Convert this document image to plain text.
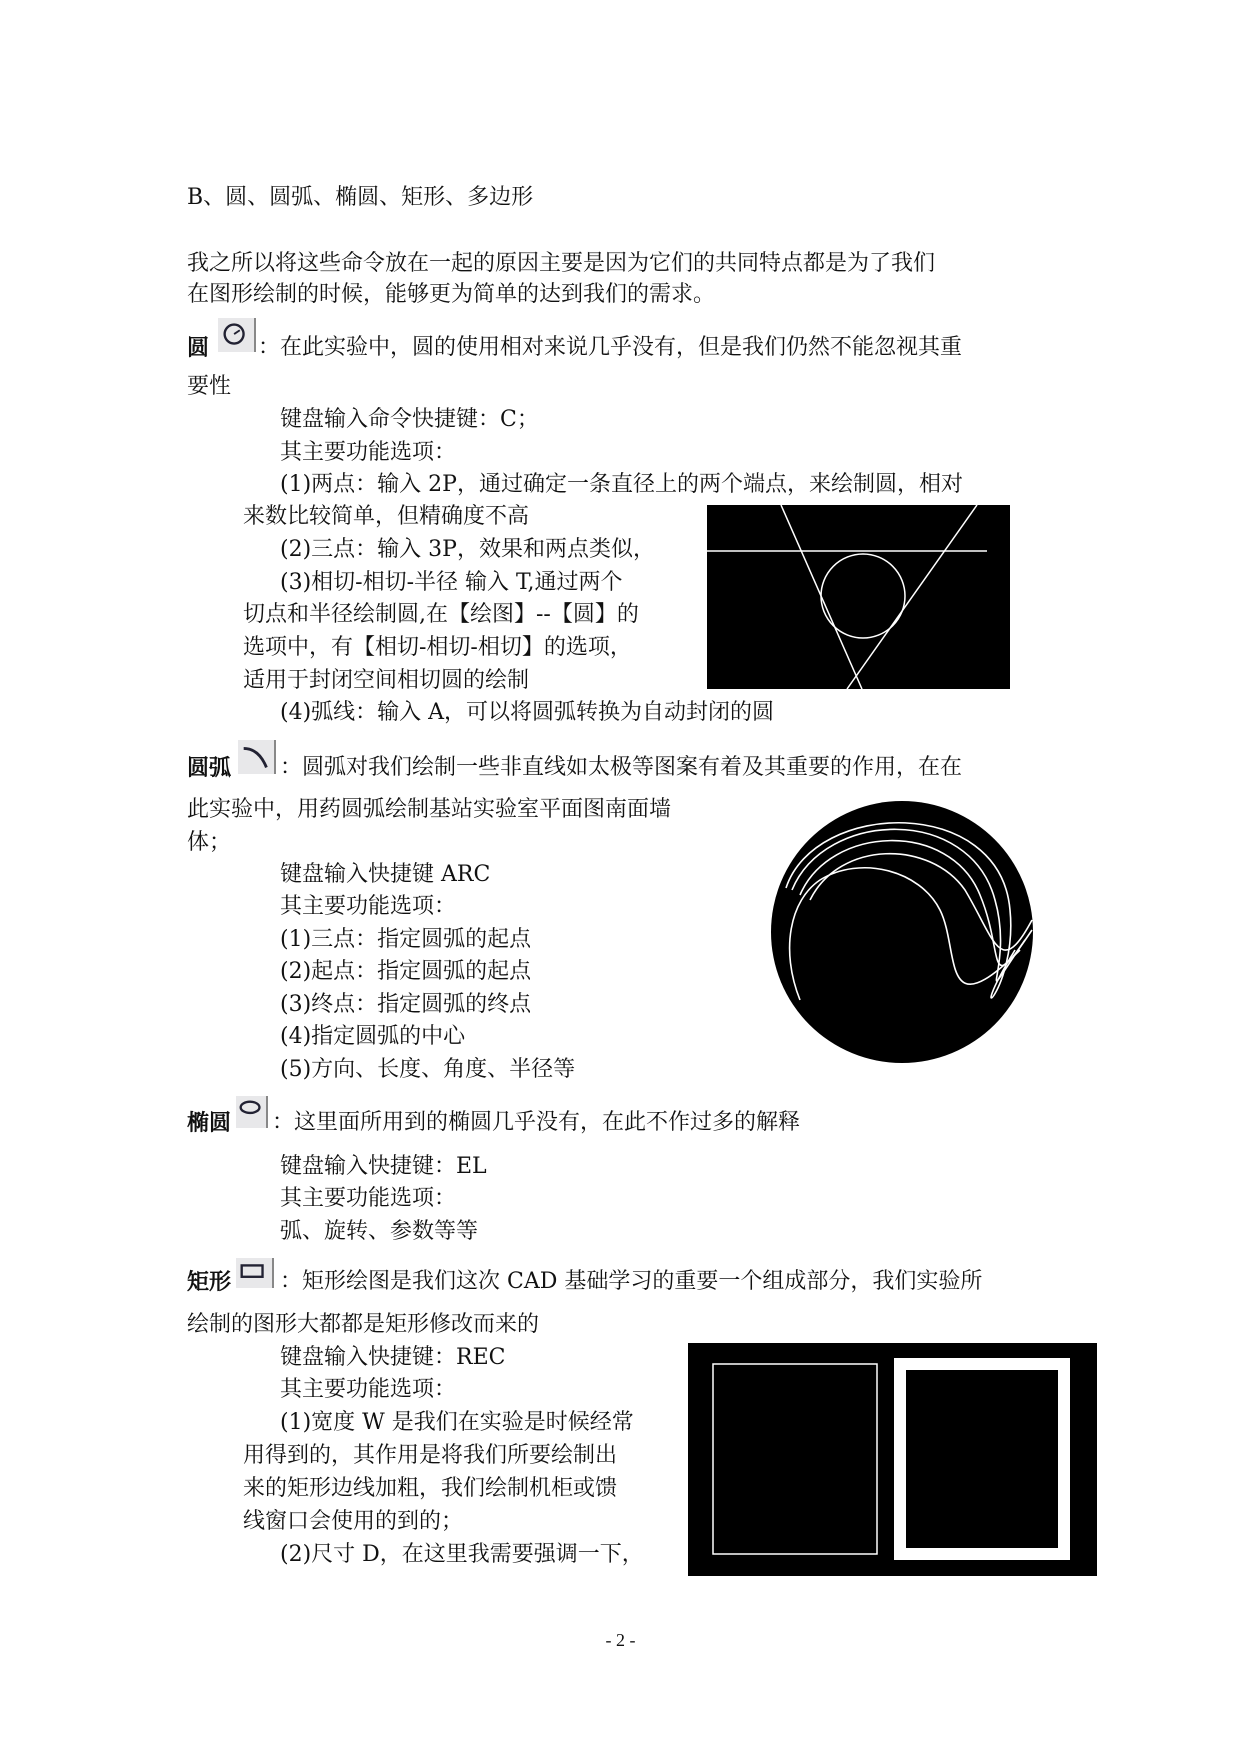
B、圆、圆弧、椭圆、矩形、多边形
我之所以将这些命令放在一起的原因主要是因为它们的共同特点都是为了我们
在图形绘制的时候，能够更为简单的达到我们的需求。
圆 ：在此实验中，圆的使用相对来说几乎没有，但是我们仍然不能忽视其重
要性
键盘输入命令快捷键：C；
其主要功能选项：
(1)两点：输入 2P，通过确定一条直径上的两个端点，来绘制圆，相对
来数比较简单，但精确度不高
(2)三点：输入 3P，效果和两点类似，
(3)相切-相切-半径 输入 T,通过两个
切点和半径绘制圆,在【绘图】--【圆】的
选项中，有【相切-相切-相切】的选项，
适用于封闭空间相切圆的绘制
(4)弧线：输入 A，可以将圆弧转换为自动封闭的圆
圆弧 ：圆弧对我们绘制一些非直线如太极等图案有着及其重要的作用，在在
此实验中，用药圆弧绘制基站实验室平面图南面墙
体；
键盘输入快捷键 ARC
其主要功能选项：
(1)三点：指定圆弧的起点
(2)起点：指定圆弧的起点
(3)终点：指定圆弧的终点
(4)指定圆弧的中心
(5)方向、长度、角度、半径等
椭圆 ：这里面所用到的椭圆几乎没有，在此不作过多的解释
键盘输入快捷键：EL
其主要功能选项：
弧、旋转、参数等等
矩形 ：矩形绘图是我们这次 CAD 基础学习的重要一个组成部分，我们实验所
绘制的图形大都都是矩形修改而来的
键盘输入快捷键：REC
其主要功能选项：
(1)宽度 W 是我们在实验是时候经常
用得到的，其作用是将我们所要绘制出
来的矩形边线加粗，我们绘制机柜或馈
线窗口会使用的到的；
(2)尺寸 D，在这里我需要强调一下，
- 2 -
